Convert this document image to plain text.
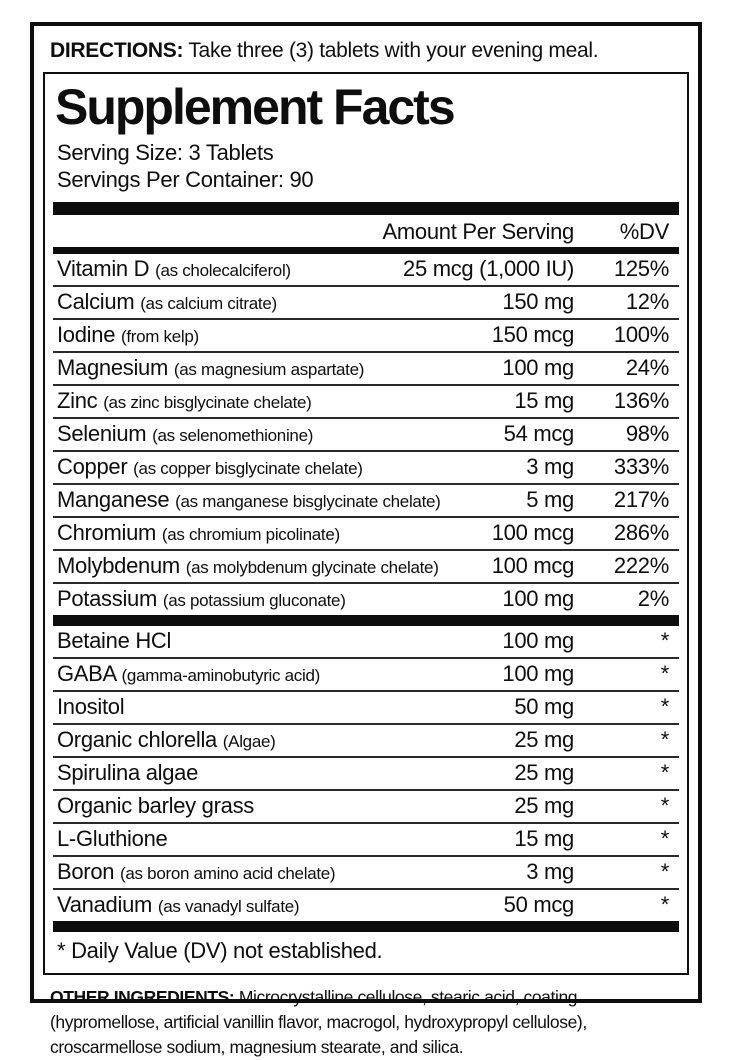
DIRECTIONS: Take three (3) tablets with your evening meal.
Supplement Facts
Serving Size: 3 Tablets
Servings Per Container: 90
Amount Per Serving	%DV
Vitamin D (as cholecalciferol)	25 mcg (1,000 IU)	125%
Calcium (as calcium citrate)	150 mg	12%
Iodine (from kelp)	150 mcg	100%
Magnesium (as magnesium aspartate)	100 mg	24%
Zinc (as zinc bisglycinate chelate)	15 mg	136%
Selenium (as selenomethionine)	54 mcg	98%
Copper (as copper bisglycinate chelate)	3 mg	333%
Manganese (as manganese bisglycinate chelate)	5 mg	217%
Chromium (as chromium picolinate)	100 mcg	286%
Molybdenum (as molybdenum glycinate chelate)	100 mcg	222%
Potassium (as potassium gluconate)	100 mg	2%
Betaine HCl	100 mg	*
GABA (gamma-aminobutyric acid)	100 mg	*
Inositol	50 mg	*
Organic chlorella (Algae)	25 mg	*
Spirulina algae	25 mg	*
Organic barley grass	25 mg	*
L-Gluthione	15 mg	*
Boron (as boron amino acid chelate)	3 mg	*
Vanadium (as vanadyl sulfate)	50 mcg	*
* Daily Value (DV) not established.
OTHER INGREDIENTS: Microcrystalline cellulose, stearic acid, coating (hypromellose, artificial vanillin flavor, macrogol, hydroxypropyl cellulose), croscarmellose sodium, magnesium stearate, and silica.
